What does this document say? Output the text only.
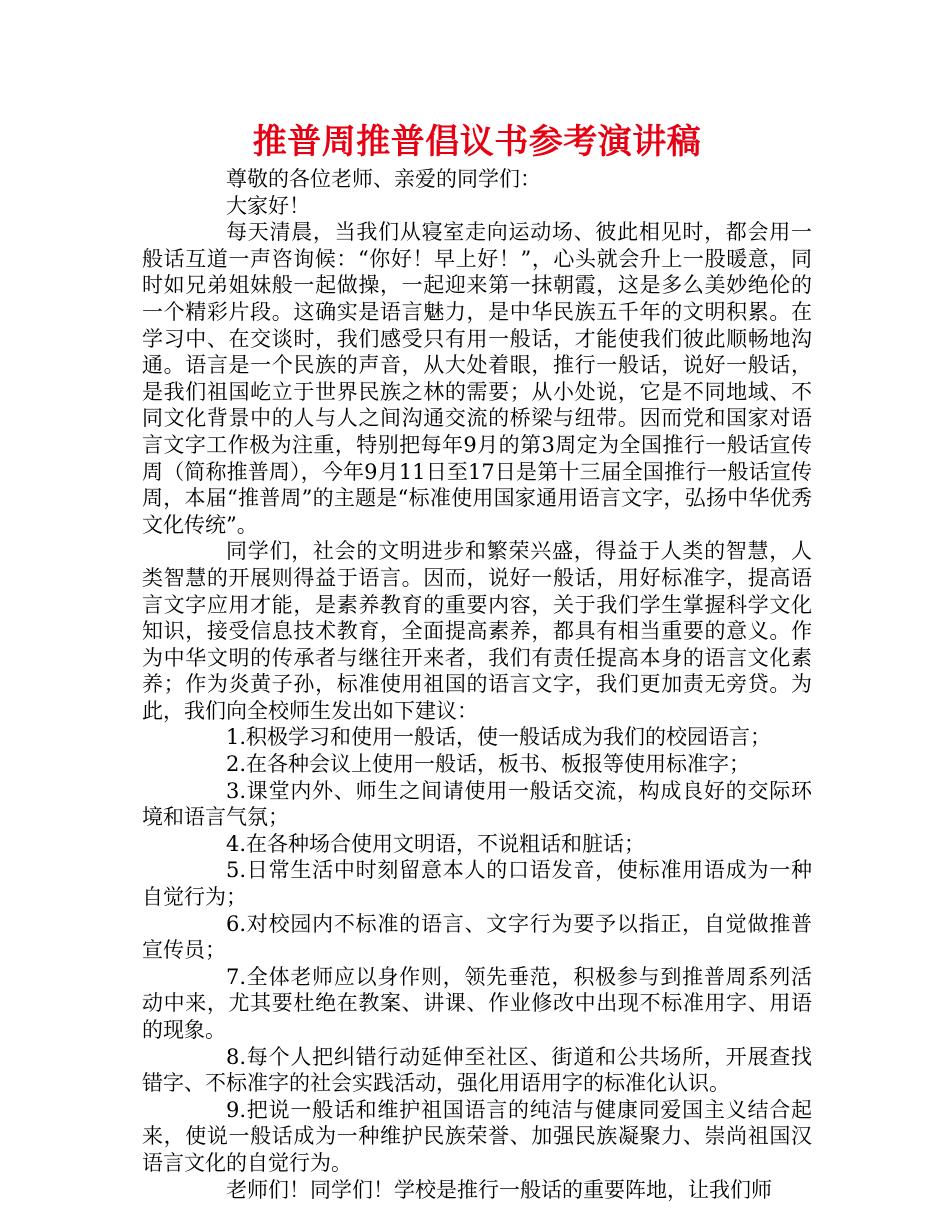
推普周推普倡议书参考演讲稿

尊敬的各位老师、亲爱的同学们：

大家好！

每天清晨，当我们从寝室走向运动场、彼此相见时，都会用一般话互道一声咨询候：“你好！早上好！”，心头就会升上一股暖意，同时如兄弟姐妹般一起做操，一起迎来第一抹朝霞，这是多么美妙绝伦的一个精彩片段。这确实是语言魅力，是中华民族五千年的文明积累。在学习中、在交谈时，我们感受只有用一般话，才能使我们彼此顺畅地沟通。语言是一个民族的声音，从大处着眼，推行一般话，说好一般话，是我们祖国屹立于世界民族之林的需要；从小处说，它是不同地域、不同文化背景中的人与人之间沟通交流的桥梁与纽带。因而党和国家对语言文字工作极为注重，特别把每年9月的第3周定为全国推行一般话宣传周（简称推普周），今年9月11日至17日是第十三届全国推行一般话宣传周，本届“推普周”的主题是“标准使用国家通用语言文字，弘扬中华优秀文化传统”。

同学们，社会的文明进步和繁荣兴盛，得益于人类的智慧，人类智慧的开展则得益于语言。因而，说好一般话，用好标准字，提高语言文字应用才能，是素养教育的重要内容，关于我们学生掌握科学文化知识，接受信息技术教育，全面提高素养，都具有相当重要的意义。作为中华文明的传承者与继往开来者，我们有责任提高本身的语言文化素养；作为炎黄子孙，标准使用祖国的语言文字，我们更加责无旁贷。为此，我们向全校师生发出如下建议：

1.积极学习和使用一般话，使一般话成为我们的校园语言；

2.在各种会议上使用一般话，板书、板报等使用标准字；

3.课堂内外、师生之间请使用一般话交流，构成良好的交际环境和语言气氛；

4.在各种场合使用文明语，不说粗话和脏话；

5.日常生活中时刻留意本人的口语发音，使标准用语成为一种自觉行为；

6.对校园内不标准的语言、文字行为要予以指正，自觉做推普宣传员；

7.全体老师应以身作则，领先垂范，积极参与到推普周系列活动中来，尤其要杜绝在教案、讲课、作业修改中出现不标准用字、用语的现象。

8.每个人把纠错行动延伸至社区、街道和公共场所，开展查找错字、不标准字的社会实践活动，强化用语用字的标准化认识。

9.把说一般话和维护祖国语言的纯洁与健康同爱国主义结合起来，使说一般话成为一种维护民族荣誉、加强民族凝聚力、崇尚祖国汉语言文化的自觉行为。

老师们！同学们！学校是推行一般话的重要阵地，让我们师
